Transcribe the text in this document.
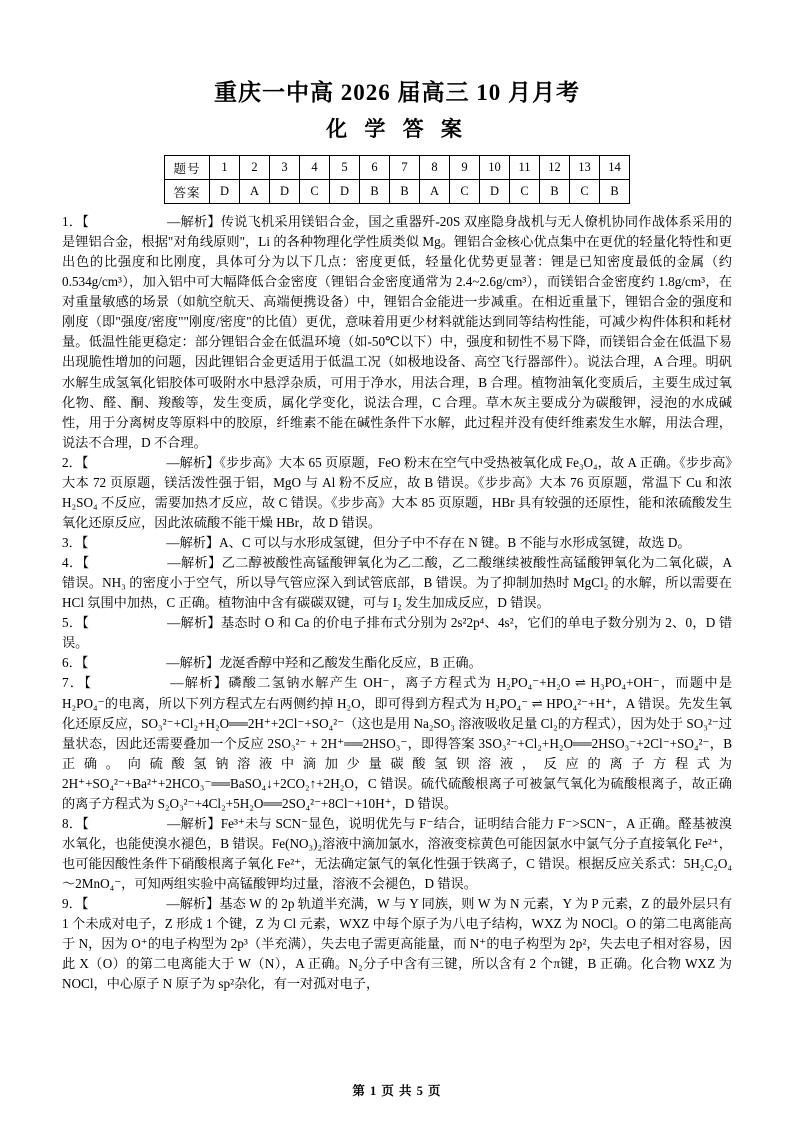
重庆一中高 2026 届高三 10 月月考
化 学 答 案
题号	1	2	3	4	5	6	7	8	9	10	11	12	13	14
答案	D	A	D	C	D	B	B	A	C	D	C	B	C	B
1．【	—解析】传说飞机采用镁铝合金，国之重器歼-20S 双座隐身战机与无人僚机协同作战体系采用的是锂铝合金，根据"对角线原则"，Li 的各种物理化学性质类似 Mg。锂铝合金核心优点集中在更优的轻量化特性和更出色的比强度和比刚度，具体可分为以下几点：密度更低，轻量化优势更显著：锂是已知密度最低的金属（约 0.534g/cm³），加入铝中可大幅降低合金密度（锂铝合金密度通常为 2.4~2.6g/cm³），而镁铝合金密度约 1.8g/cm³，在对重量敏感的场景（如航空航天、高端便携设备）中，锂铝合金能进一步减重。在相近重量下，锂铝合金的强度和刚度（即"强度/密度""刚度/密度"的比值）更优，意味着用更少材料就能达到同等结构性能，可减少构件体积和耗材量。低温性能更稳定：部分锂铝合金在低温环境（如-50℃以下）中，强度和韧性不易下降，而镁铝合金在低温下易出现脆性增加的问题，因此锂铝合金更适用于低温工况（如极地设备、高空飞行器部件）。说法合理，A 合理。明矾水解生成氢氧化铝胶体可吸附水中悬浮杂质，可用于净水，用法合理，B 合理。植物油氧化变质后，主要生成过氧化物、醛、酮、羧酸等，发生变质，属化学变化，说法合理，C 合理。草木灰主要成分为碳酸钾，浸泡的水成碱性，用于分离树皮等原料中的胶原，纤维素不能在碱性条件下水解，此过程并没有使纤维素发生水解，用法合理，说法不合理，D 不合理。
2．【	—解析】《步步高》大本 65 页原题，FeO 粉末在空气中受热被氧化成 Fe₃O₄，故 A 正确。《步步高》大本 72 页原题，镁活泼性强于铝，MgO 与 Al 粉不反应，故 B 错误。《步步高》大本 76 页原题，常温下 Cu 和浓 H₂SO₄ 不反应，需要加热才反应，故 C 错误。《步步高》大本 85 页原题，HBr 具有较强的还原性，能和浓硫酸发生氧化还原反应，因此浓硫酸不能干燥 HBr，故 D 错误。
3．【	—解析】A、C 可以与水形成氢键，但分子中不存在 N 键。B 不能与水形成氢键，故选 D。
4．【	—解析】乙二醇被酸性高锰酸钾氧化为乙二酸，乙二酸继续被酸性高锰酸钾氧化为二氧化碳，A 错误。NH₃ 的密度小于空气，所以导气管应深入到试管底部，B 错误。为了抑制加热时 MgCl₂ 的水解，所以需要在 HCl 氛围中加热，C 正确。植物油中含有碳碳双键，可与 I₂ 发生加成反应，D 错误。
5．【	—解析】基态时 O 和 Ca 的价电子排布式分别为 2s²2p⁴、4s²，它们的单电子数分别为 2、0，D 错误。
6．【	—解析】龙涎香醇中羟和乙酸发生酯化反应，B 正确。
7．【	—解析】磷酸二氢钠水解产生 OH⁻，离子方程式为 H₂PO₄⁻+H₂O ⇌ H₃PO₄+OH⁻，而题中是 H₂PO₄⁻的电离，所以下列方程式左右两侧约掉 H₂O，即可得到方程式为 H₂PO₄⁻ ⇌ HPO₄²⁻+H⁺，A 错误。先发生氧化还原反应，SO₃²⁻+Cl₂+H₂O══2H⁺+2Cl⁻+SO₄²⁻（这也是用 Na₂SO₃ 溶液吸收足量 Cl₂的方程式），因为处于 SO₃²⁻过量状态，因此还需要叠加一个反应 2SO₃²⁻ + 2H⁺══2HSO₃⁻，即得答案 3SO₃²⁻+Cl₂+H₂O══2HSO₃⁻+2Cl⁻+SO₄²⁻，B 正确。向硫酸氢钠溶液中滴加少量碳酸氢钡溶液，反应的离子方程式为 2H⁺+SO₄²⁻+Ba²⁺+2HCO₃⁻══BaSO₄↓+2CO₂↑+2H₂O，C 错误。硫代硫酸根离子可被氯气氧化为硫酸根离子，故正确的离子方程式为 S₂O₃²⁻+4Cl₂+5H₂O══2SO₄²⁻+8Cl⁻+10H⁺，D 错误。
8．【	—解析】Fe³⁺未与 SCN⁻显色，说明优先与 F⁻结合，证明结合能力 F⁻>SCN⁻，A 正确。醛基被溴水氧化，也能使溴水褪色，B 错误。Fe(NO₃)₂溶液中滴加氯水，溶液变棕黄色可能因氯水中氯气分子直接氧化 Fe²⁺，也可能因酸性条件下硝酸根离子氧化 Fe²⁺，无法确定氯气的氧化性强于铁离子，C 错误。根据反应关系式：5H₂C₂O₄～2MnO₄⁻，可知两组实验中高锰酸钾均过量，溶液不会褪色，D 错误。
9．【	—解析】基态 W 的 2p 轨道半充满，W 与 Y 同族，则 W 为 N 元素，Y 为 P 元素，Z 的最外层只有 1 个未成对电子，Z 形成 1 个键，Z 为 Cl 元素，WXZ 中每个原子为八电子结构，WXZ 为 NOCl。O 的第二电离能高于 N，因为 O⁺的电子构型为 2p³（半充满），失去电子需更高能量，而 N⁺的电子构型为 2p²，失去电子相对容易，因此 X（O）的第二电离能大于 W（N），A 正确。N₂分子中含有三键，所以含有 2 个π键，B 正确。化合物 WXZ 为 NOCl，中心原子 N 原子为 sp²杂化，有一对孤对电子，
第 1 页 共 5 页
